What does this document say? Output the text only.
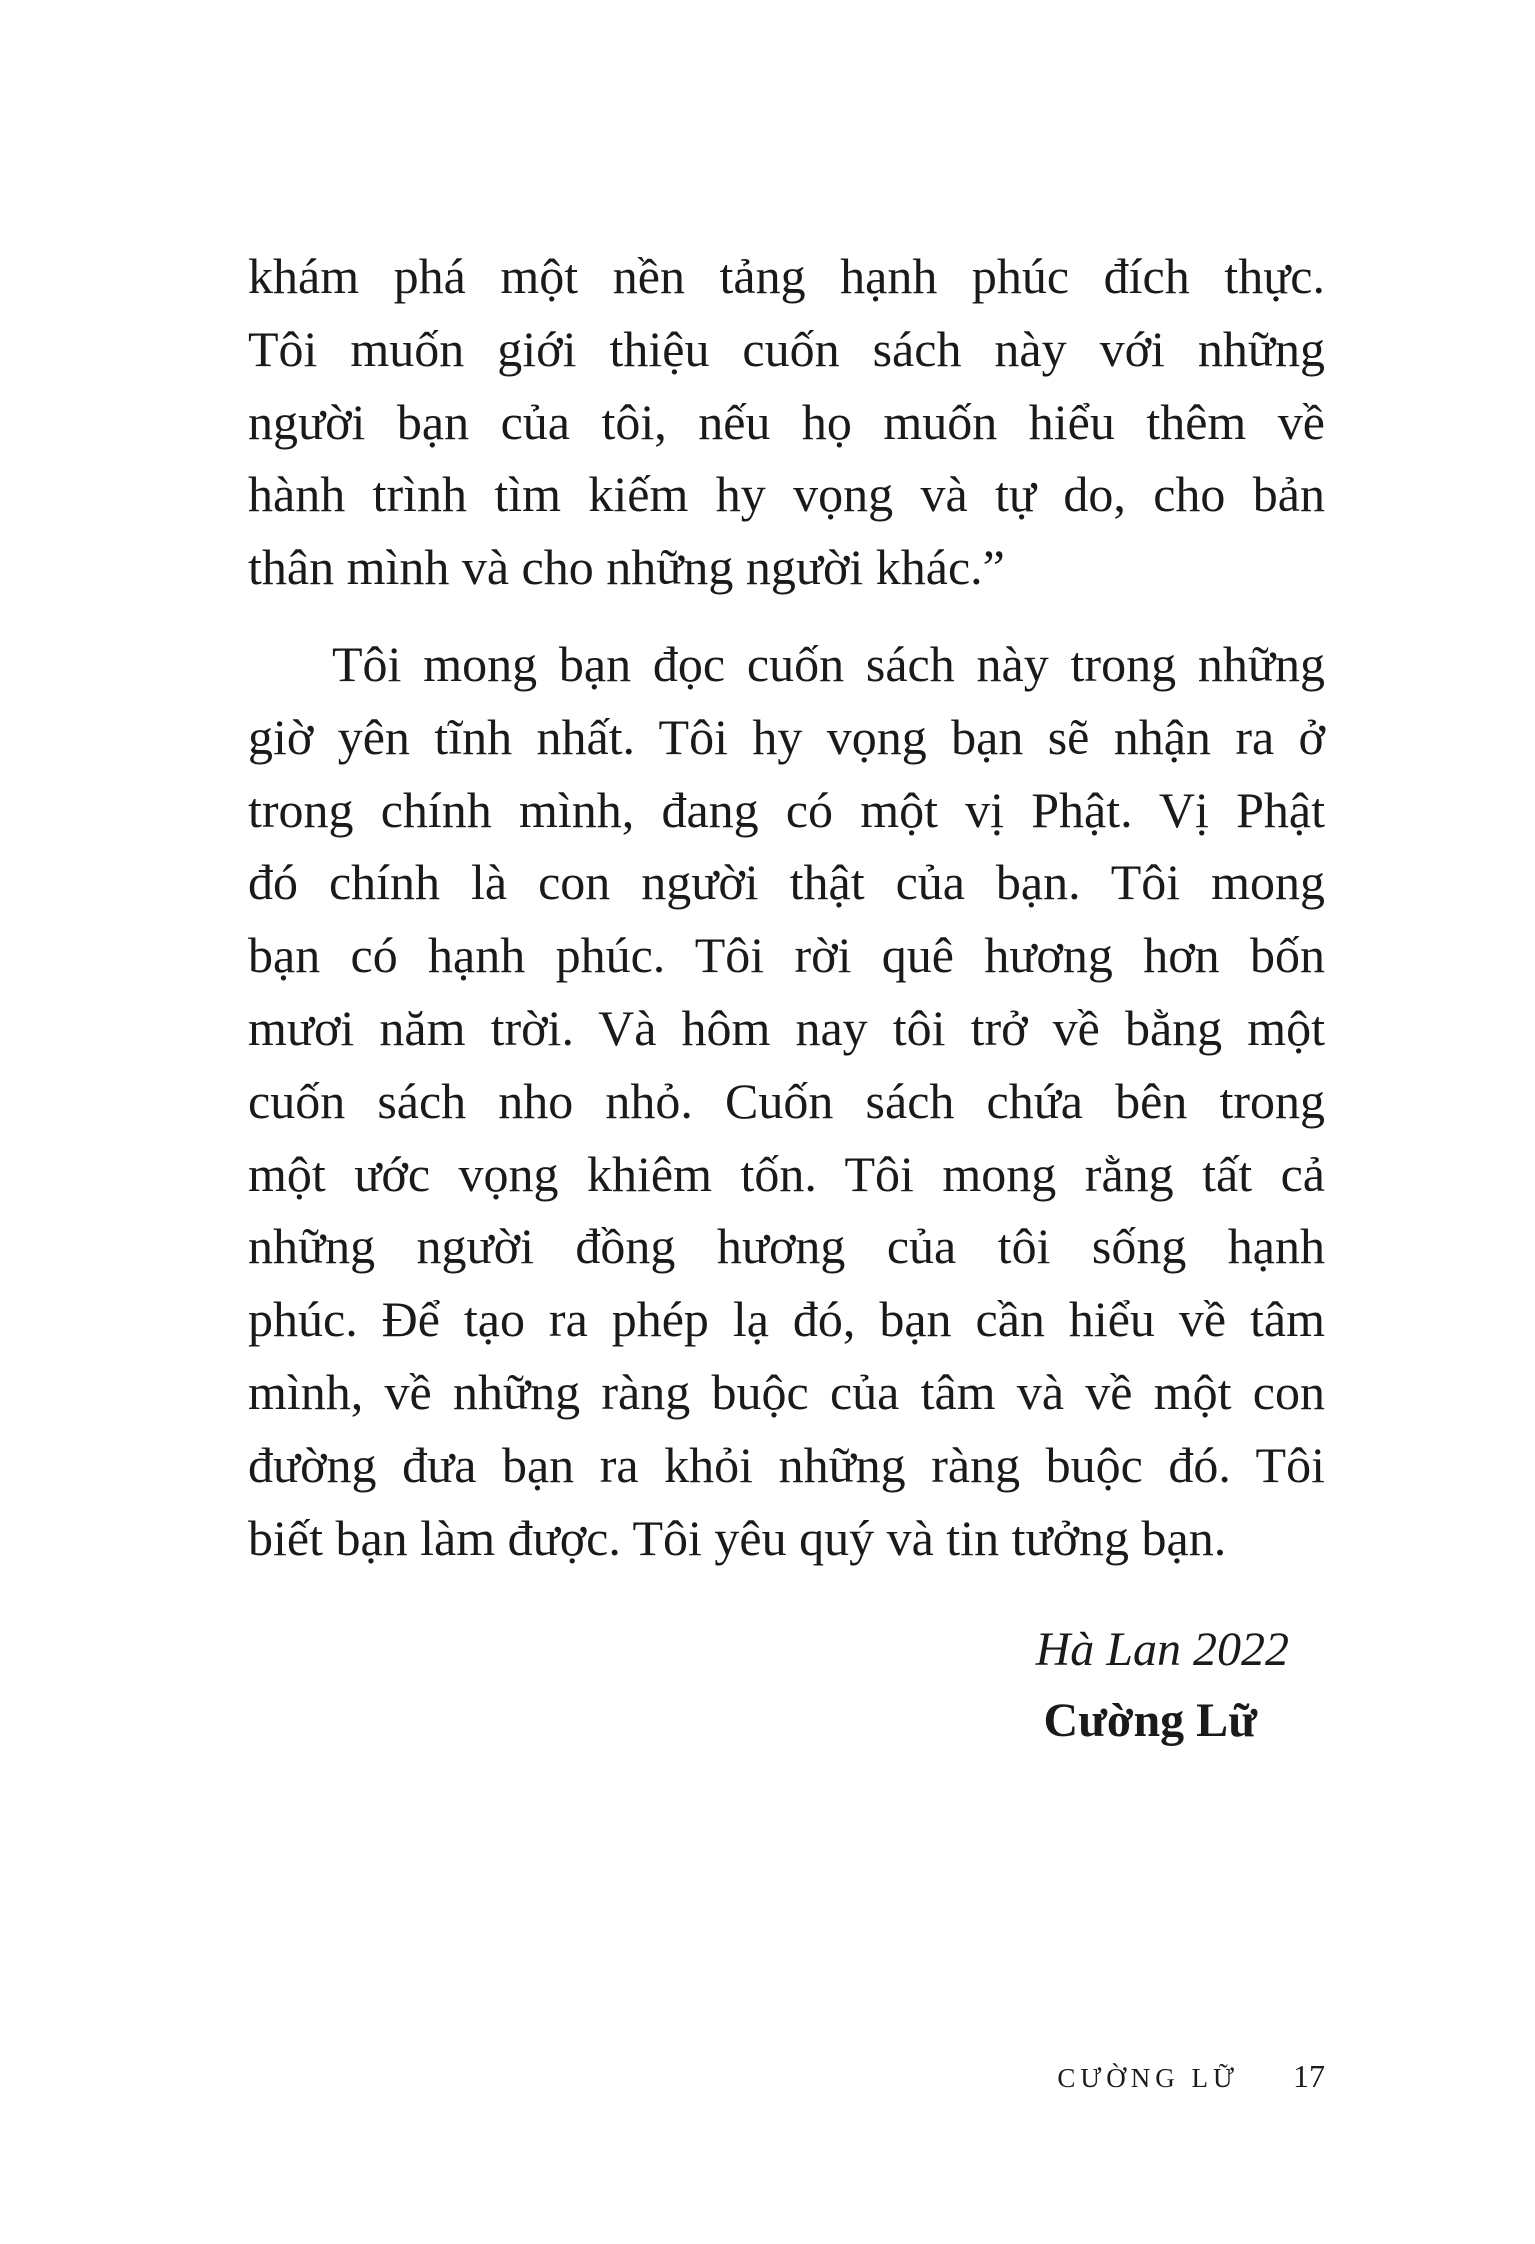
khám phá một nền tảng hạnh phúc đích thực.
Tôi muốn giới thiệu cuốn sách này với những
người bạn của tôi, nếu họ muốn hiểu thêm về
hành trình tìm kiếm hy vọng và tự do, cho bản
thân mình và cho những người khác.”
Tôi mong bạn đọc cuốn sách này trong những
giờ yên tĩnh nhất. Tôi hy vọng bạn sẽ nhận ra ở
trong chính mình, đang có một vị Phật. Vị Phật
đó chính là con người thật của bạn. Tôi mong
bạn có hạnh phúc. Tôi rời quê hương hơn bốn
mươi năm trời. Và hôm nay tôi trở về bằng một
cuốn sách nho nhỏ. Cuốn sách chứa bên trong
một ước vọng khiêm tốn. Tôi mong rằng tất cả
những người đồng hương của tôi sống hạnh
phúc. Để tạo ra phép lạ đó, bạn cần hiểu về tâm
mình, về những ràng buộc của tâm và về một con
đường đưa bạn ra khỏi những ràng buộc đó. Tôi
biết bạn làm được. Tôi yêu quý và tin tưởng bạn.
Hà Lan 2022
Cường Lữ
CƯỜNG LỮ 17
